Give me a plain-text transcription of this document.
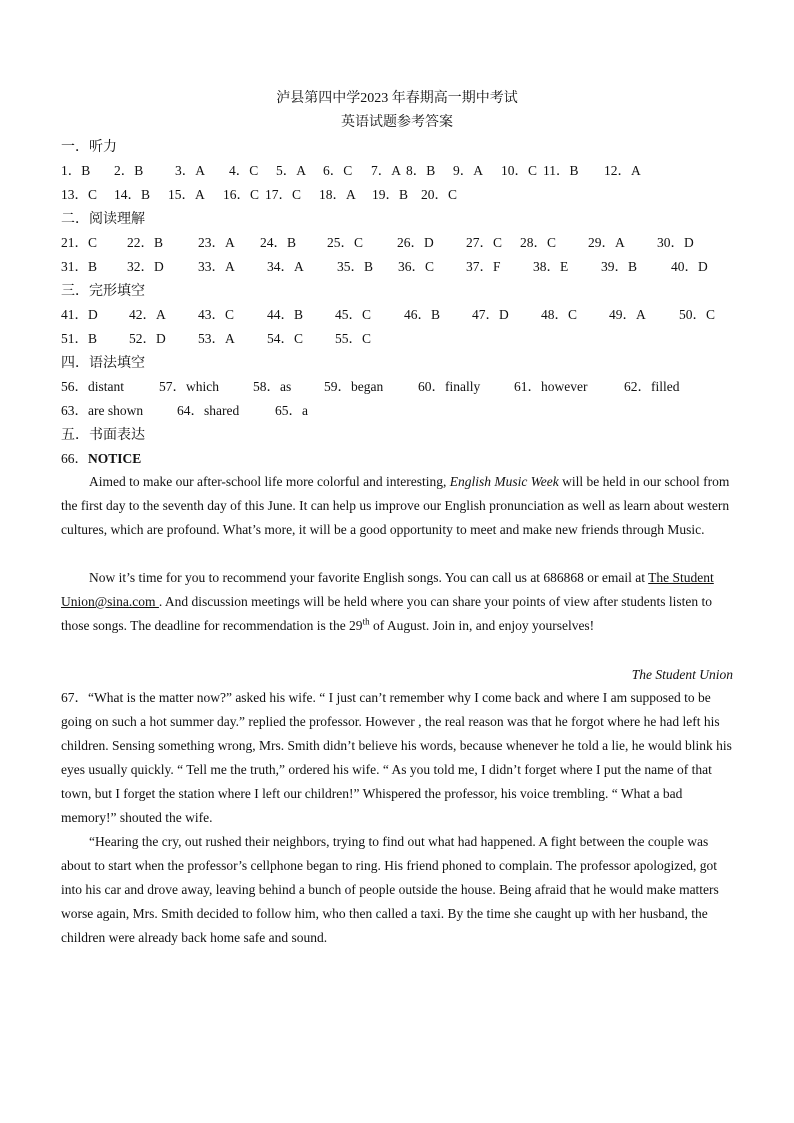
泸县第四中学2023 年春期高一期中考试
英语试题参考答案
一．听力
1．B 2．B 3．A 4．C 5．A 6．C 7．A 8．B 9．A 10．C 11．B 12．A
13．C 14．B 15．A 16．C 17．C 18．A 19．B 20．C
二．阅读理解
21．C 22．B	23．A 24．B 25．C	26．D 27．C 28．C 29．A 30．D
31．B 32．D	33．A 34．A 35．B 36．C 37．F 38．E 39．B	40．D
三．完形填空
41．D 42．A 43．C 44．B 45．C 46．B 47．D 48．C 49．A 50．C
51．B 52．D 53．A 54．C 55．C
四．语法填空
56．distant	57．which	58．as 59．began	60．finally	61．however	62．filled
63．are shown	64．shared	65．a
五．书面表达
66．NOTICE
Aimed to make our after-school life more colorful and interesting, English Music Week will be held in our school from the first day to the seventh day of this June. It can help us improve our English pronunciation as well as learn about western cultures, which are profound. What’s more, it will be a good opportunity to meet and make new friends through Music.
Now it’s time for you to recommend your favorite English songs. You can call us at 686868 or email at The Student Union@sina.com . And discussion meetings will be held where you can share your points of view after students listen to those songs. The deadline for recommendation is the 29th of August. Join in, and enjoy yourselves!
The Student Union
67．“What is the matter now?” asked his wife. “ I just can’t remember why I come back and where I am supposed to be going on such a hot summer day.” replied the professor. However , the real reason was that he forgot where he had left his children. Sensing something wrong, Mrs. Smith didn’t believe his words, because whenever he told a lie, he would blink his eyes usually quickly. “ Tell me the truth,” ordered his wife. “ As you told me, I didn’t forget where I put the name of that town, but I forget the station where I left our children!” Whispered the professor, his voice trembling. “ What a bad memory!” shouted the wife.
“Hearing the cry, out rushed their neighbors, trying to find out what had happened. A fight between the couple was about to start when the professor’s cellphone began to ring. His friend phoned to complain. The professor apologized, got into his car and drove away, leaving behind a bunch of people outside the house. Being afraid that he would make matters worse again, Mrs. Smith decided to follow him, who then called a taxi. By the time she caught up with her husband, the children were already back home safe and sound.
